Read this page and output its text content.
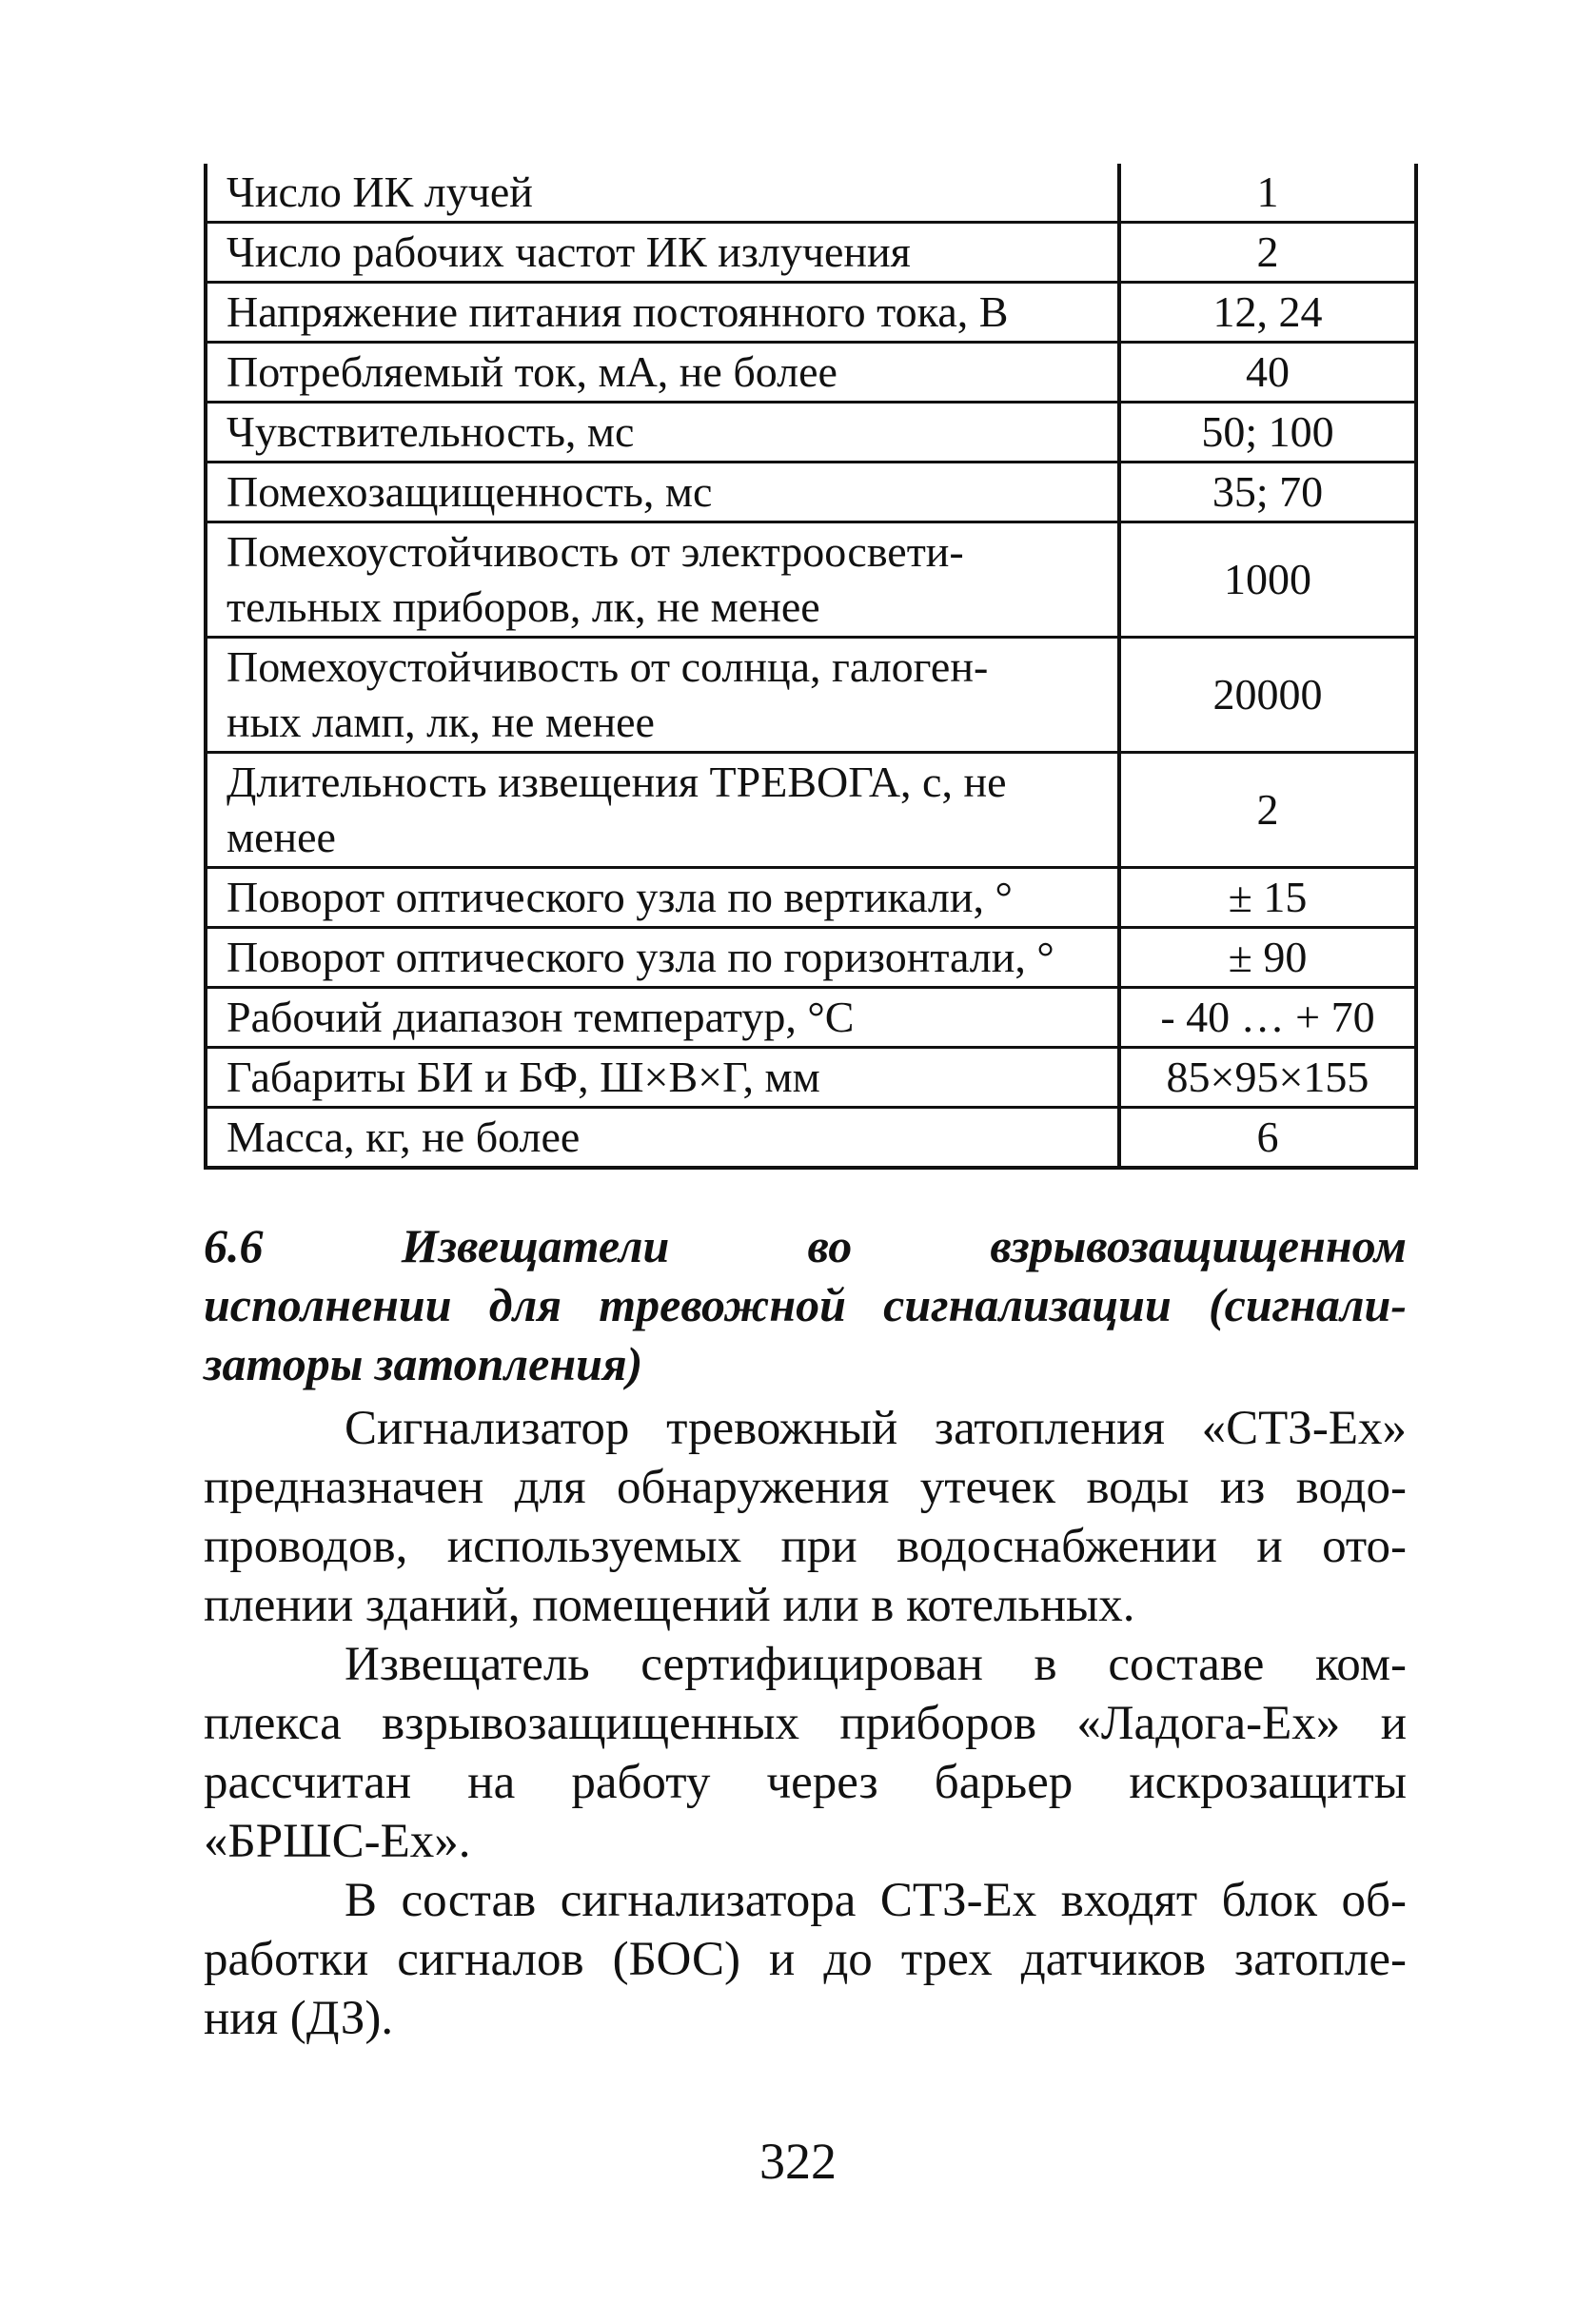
Число ИК лучей	1
Число рабочих частот ИК излучения	2
Напряжение питания постоянного тока, В	12, 24
Потребляемый ток, мА, не более	40
Чувствительность, мс	50; 100
Помехозащищенность, мс	35; 70
Помехоустойчивость от электроосвети-
тельных приборов, лк, не менее	1000
Помехоустойчивость от солнца, галоген-
ных ламп, лк, не менее	20000
Длительность извещения ТРЕВОГА, с, не
менее	2
Поворот оптического узла по вертикали, °	± 15
Поворот оптического узла по горизонтали, °	± 90
Рабочий диапазон температур, °С	- 40 … + 70
Габариты БИ и БФ, Ш×В×Г, мм	85×95×155
Масса, кг, не более	6
6.6 Извещатели во взрывозащищенном
исполнении для тревожной сигнализации (сигнали-
заторы затопления)

Сигнализатор тревожный затопления «СТЗ-Ех»
предназначен для обнаружения утечек воды из водо-
проводов, используемых при водоснабжении и ото-
плении зданий, помещений или в котельных.

Извещатель сертифицирован в составе ком-
плекса взрывозащищенных приборов «Ладога-Ех» и
рассчитан на работу через барьер искрозащиты
«БРШС-Ех».

В состав сигнализатора СТЗ-Ех входят блок об-
работки сигналов (БОС) и до трех датчиков затопле-
ния (ДЗ).

322
